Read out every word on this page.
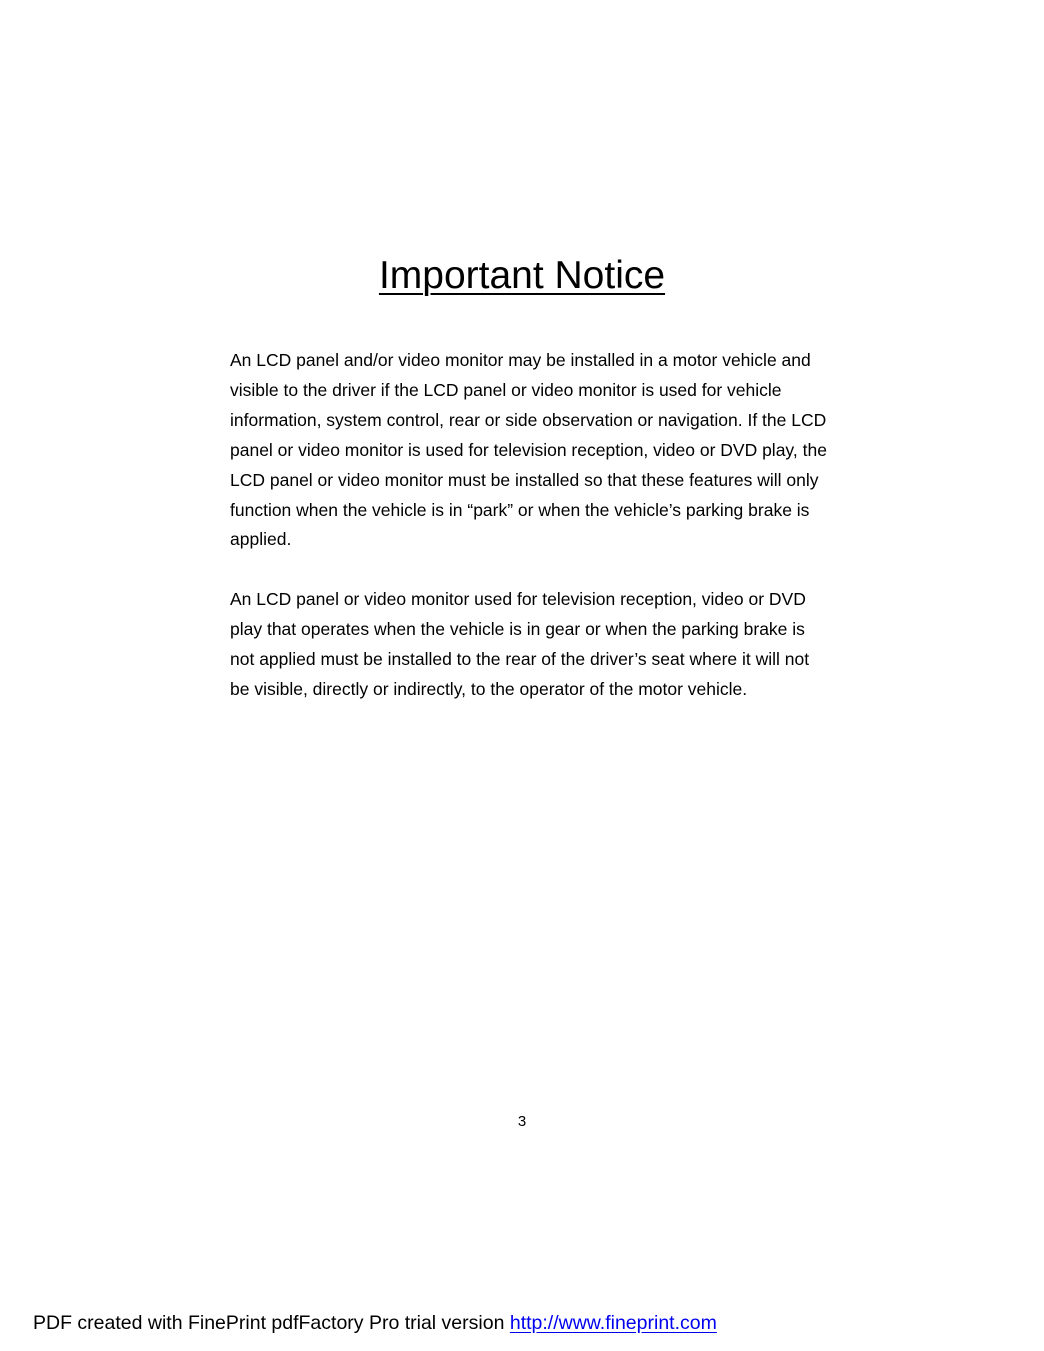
Important Notice

An LCD panel and/or video monitor may be installed in a motor vehicle and visible to the driver if the LCD panel or video monitor is used for vehicle information, system control, rear or side observation or navigation. If the LCD panel or video monitor is used for television reception, video or DVD play, the LCD panel or video monitor must be installed so that these features will only function when the vehicle is in “park” or when the vehicle’s parking brake is applied.

An LCD panel or video monitor used for television reception, video or DVD play that operates when the vehicle is in gear or when the parking brake is not applied must be installed to the rear of the driver’s seat where it will not be visible, directly or indirectly, to the operator of the motor vehicle.

3
PDF created with FinePrint pdfFactory Pro trial version http://www.fineprint.com
